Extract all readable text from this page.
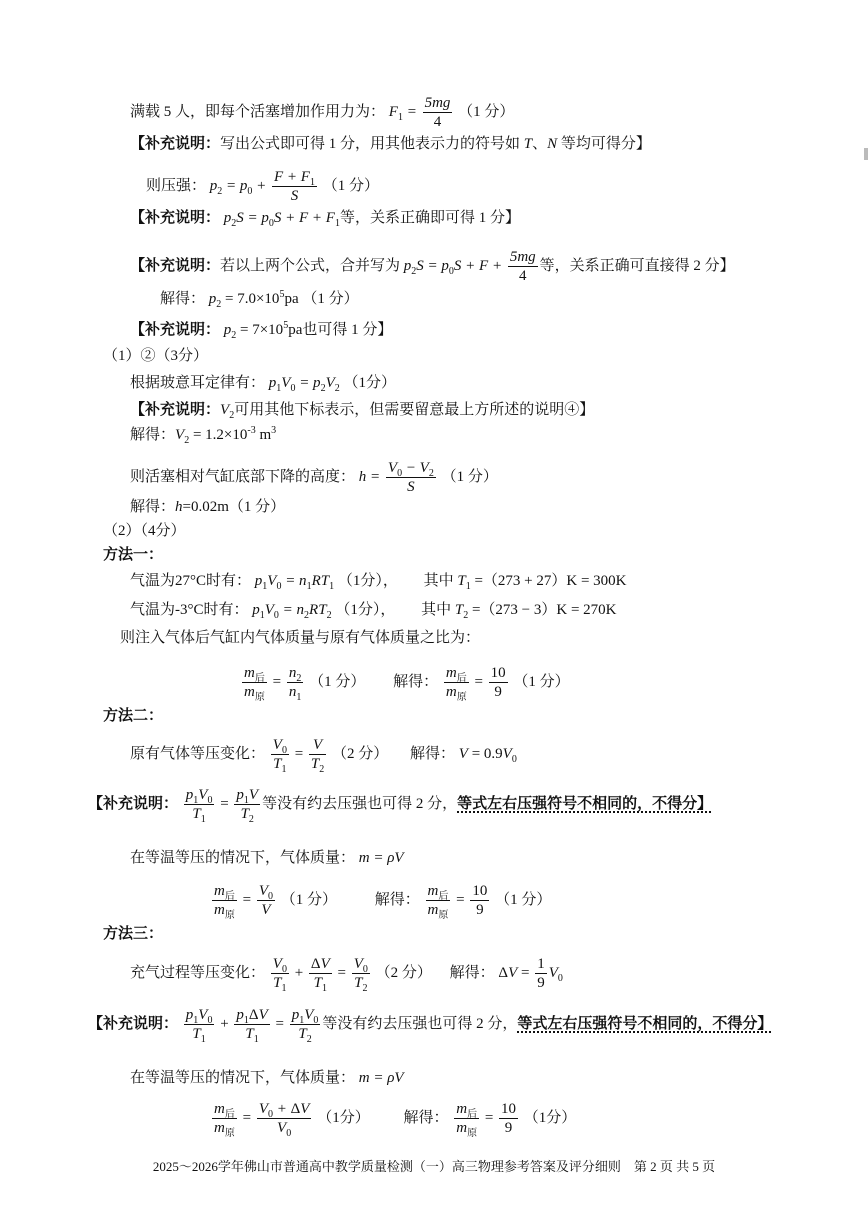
满载 5 人，即每个活塞增加作用力为： $F_1 = \frac{5mg}{4} (1$ 分）
【补充说明：写出公式即可得 1 分，用其他表示力的符号如 T、N 等均可得分】
则压强： $p_2 = p_0 + \frac{F + F_1}{S} (1$ 分）
【补充说明： $p_2S = p_0S + F + F_1$等，关系正确即可得 1 分】
【补充说明：若以上两个公式，合并写为 $p_2S = p_0S + F + \frac{5mg}{4}$ 等，关系正确可直接得 2 分】
解得： $p_2 = 7.0\times 10^5pa$ （1 分）
【补充说明： $p_2 = 7\times 10^5pa$也可得 1 分】
（1）②（3分）
根据玻意耳定律有： $p_1V_0 = p_2V_2$ （1分）
【补充说明：$V_2$可用其他下标表示，但需要留意最上方所述的说明④】
解得：$V_2 = 1.2\times 10^{-3}$ $m^3$
则活塞相对气缸底部下降的高度： $h = \frac{V_0 - V_2}{S} (1$ 分）
解得：h=0.02m（1 分）
（2）（4分）
方法一：
气温为27°C时有： $p_1V_0 = n_1RT_1$ （1分）， 其中 $T_1 =(273 + 27)K = 300K$
气温为-3°C时有： $p_1V_0 = n_2RT_2$ （1分）， 其中 $T_2 =(273 - 3)K = 270K$
则注入气体后气缸内气体质量与原有气体质量之比为：
$\frac{m_后}{m_原} = \frac{n_2}{n_1} (1$ 分） 解得： $\frac{m_后}{m_原} = \frac{10}{9} (1$ 分）
方法二：
原有气体等压变化： $\frac{V_0}{T_1} = \frac{V}{T_2} (2$ 分） 解得： $V = 0.9V_0$
【补充说明： $\frac{p_1V_0}{T_1} = \frac{p_1V}{T_2}$ 等没有约去压强也可得 2 分，等式左右压强符号不相同的，不得分】
在等温等压的情况下，气体质量： m = ρV
$\frac{m_后}{m_原} = \frac{V_0}{V} (1$ 分）	解得： $\frac{m_后}{m_原} = \frac{10}{9} (1$ 分）
方法三：
充气过程等压变化： $\frac{V_0}{T_1} + \frac{\Delta V}{T_1} = \frac{V_0}{T_2} (2$ 分） 解得： $\Delta V = \frac{1}{9} V_0$
【补充说明： $\frac{p_1V_0}{T_1} + \frac{p_1\Delta V}{T_1} = \frac{p_1V_0}{T_2}$ 等没有约去压强也可得 2 分，等式左右压强符号不相同的，不得分】
在等温等压的情况下，气体质量： m = ρV
$\frac{m_后}{m_原} = \frac{V_0 + \Delta V}{V_0} (1$分） 解得： $\frac{m_后}{m_原} = \frac{10}{9} (1$分）
2025～2026学年佛山市普通高中教学质量检测（一）高三物理参考答案及评分细则　第 2 页 共 5 页
